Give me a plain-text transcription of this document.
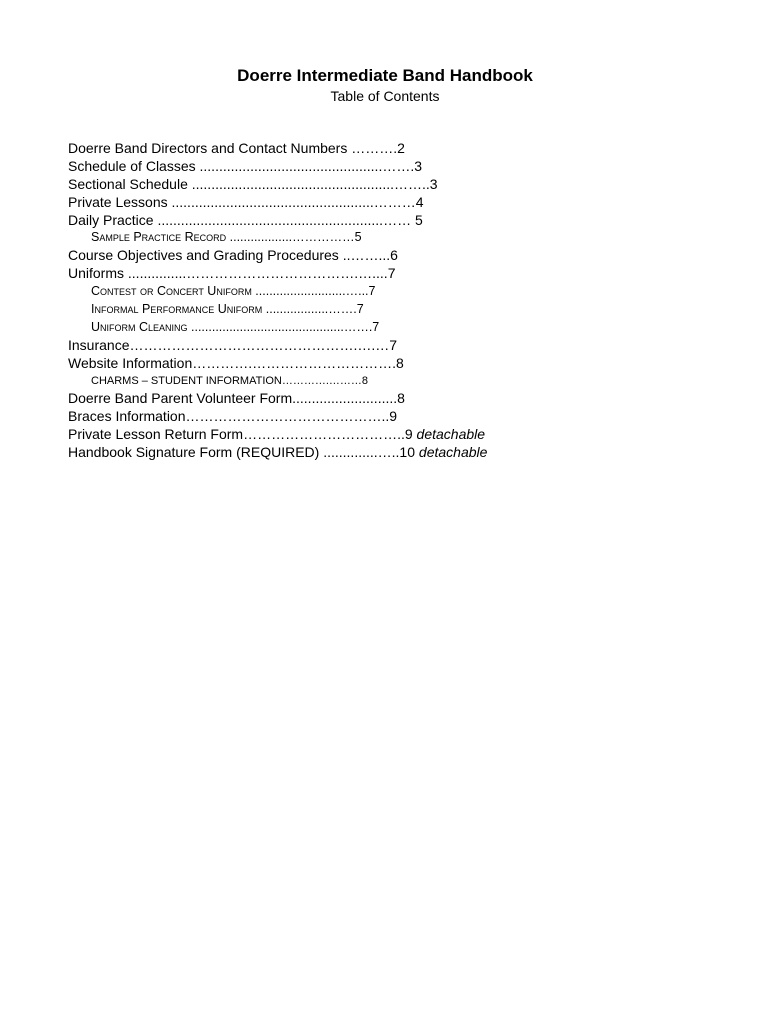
Doerre Intermediate Band Handbook
Table of Contents
Doerre Band Directors and Contact Numbers ……….2
Schedule of Classes ...............................................…….3
Sectional Schedule ....................................................……..3
Private Lessons ....................................................………4
Daily Practice ..........................................................…… 5
Sample Practice Record ..................……………5
Course Objectives and Grading Procedures ..……...6
Uniforms ...............……………………………….…....7
Contest or Concert Uniform ..........................…...7
Informal Performance Uniform ..................…….7
Uniform Cleaning ............................................…….7
Insurance………………………………………….….…7
Website Information………….………………………….8
CHARMS – STUDENT INFORMATION………….………8
Doerre Band Parent Volunteer Form...........................8
Braces Information……………………………………..9
Private Lesson Return Form……………………………..9 detachable
Handbook Signature Form (REQUIRED) ..............…..10 detachable
